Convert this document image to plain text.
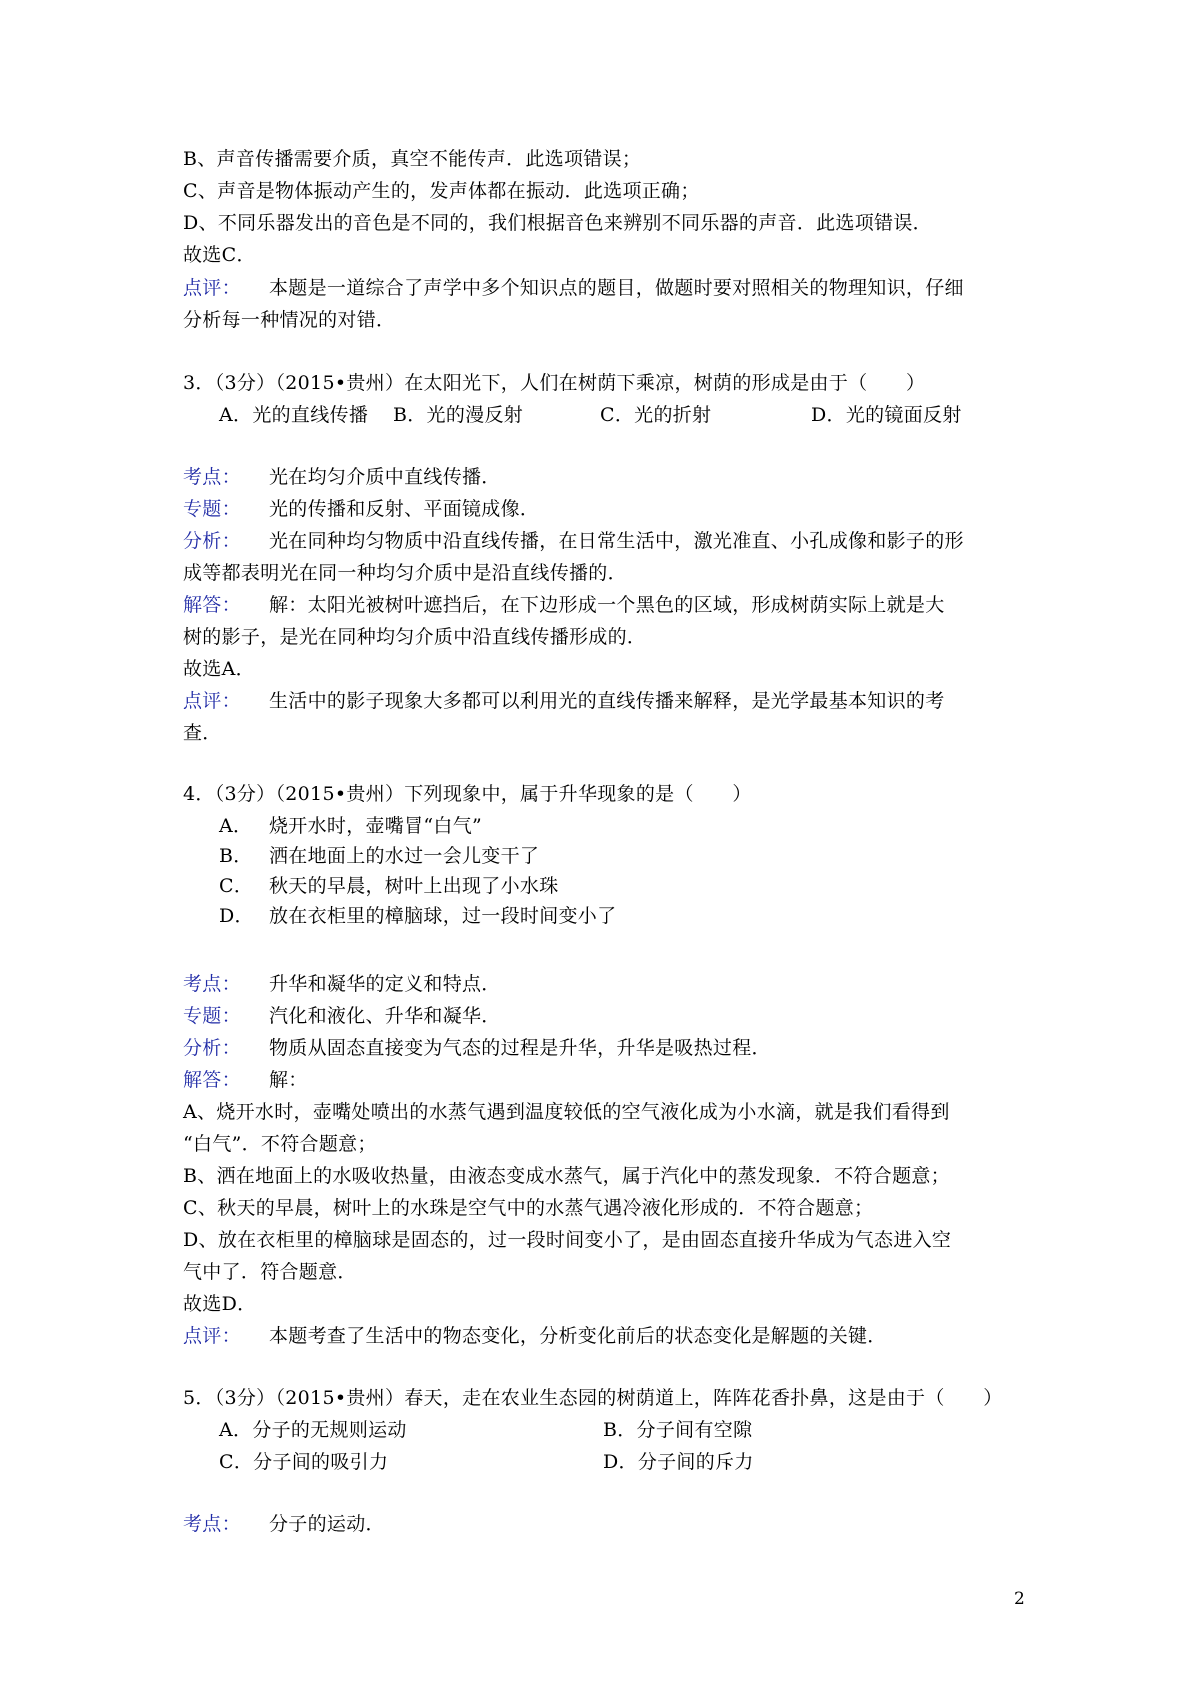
B、声音传播需要介质，真空不能传声．此选项错误；
C、声音是物体振动产生的，发声体都在振动．此选项正确；
D、不同乐器发出的音色是不同的，我们根据音色来辨别不同乐器的声音．此选项错误．
故选C．
点评： 本题是一道综合了声学中多个知识点的题目，做题时要对照相关的物理知识，仔细
分析每一种情况的对错．
3．（3分）（2015•贵州）在太阳光下，人们在树荫下乘凉，树荫的形成是由于（　　）
A．光的直线传播 B．光的漫反射	C．光的折射	D．光的镜面反射
考点： 光在均匀介质中直线传播．
专题： 光的传播和反射、平面镜成像．
分析： 光在同种均匀物质中沿直线传播，在日常生活中，激光准直、小孔成像和影子的形
成等都表明光在同一种均匀介质中是沿直线传播的．
解答： 解：太阳光被树叶遮挡后，在下边形成一个黑色的区域，形成树荫实际上就是大
树的影子，是光在同种均匀介质中沿直线传播形成的．
故选A．
点评： 生活中的影子现象大多都可以利用光的直线传播来解释，是光学最基本知识的考
查．
4．（3分）（2015•贵州）下列现象中，属于升华现象的是（　　）
A． 烧开水时，壶嘴冒“白气”
B． 洒在地面上的水过一会儿变干了
C． 秋天的早晨，树叶上出现了小水珠
D． 放在衣柜里的樟脑球，过一段时间变小了
考点： 升华和凝华的定义和特点．
专题： 汽化和液化、升华和凝华．
分析： 物质从固态直接变为气态的过程是升华，升华是吸热过程．
解答： 解：
A、烧开水时，壶嘴处喷出的水蒸气遇到温度较低的空气液化成为小水滴，就是我们看得到
“白气”．不符合题意；
B、洒在地面上的水吸收热量，由液态变成水蒸气，属于汽化中的蒸发现象．不符合题意；
C、秋天的早晨，树叶上的水珠是空气中的水蒸气遇冷液化形成的．不符合题意；
D、放在衣柜里的樟脑球是固态的，过一段时间变小了，是由固态直接升华成为气态进入空
气中了．符合题意．
故选D．
点评： 本题考查了生活中的物态变化，分析变化前后的状态变化是解题的关键．
5．（3分）（2015•贵州）春天，走在农业生态园的树荫道上，阵阵花香扑鼻，这是由于（　　）
A．分子的无规则运动	B．分子间有空隙
C．分子间的吸引力	D．分子间的斥力
考点： 分子的运动．
2
